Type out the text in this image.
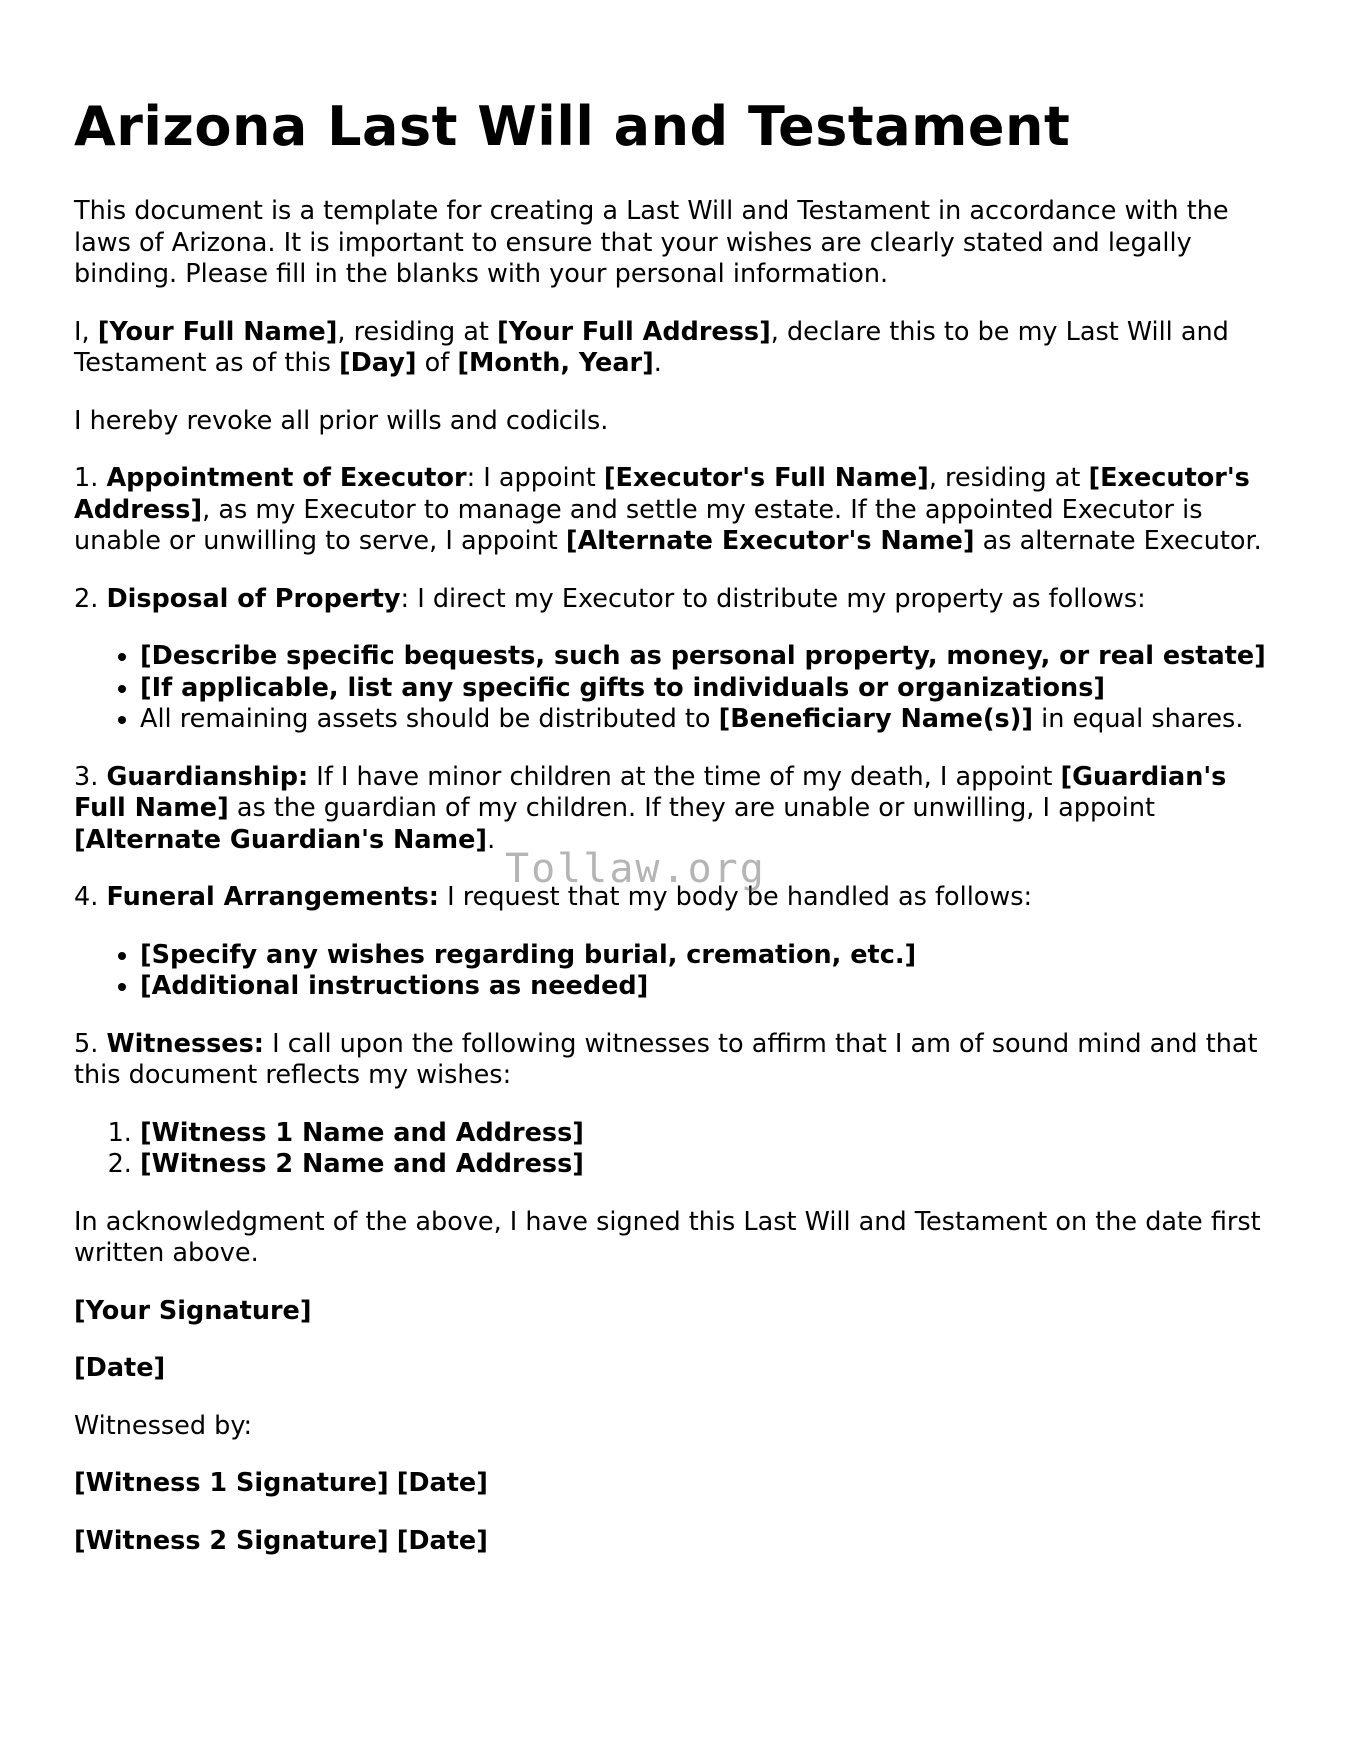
Arizona Last Will and Testament

This document is a template for creating a Last Will and Testament in accordance with the laws of Arizona. It is important to ensure that your wishes are clearly stated and legally binding. Please fill in the blanks with your personal information.

I, [Your Full Name], residing at [Your Full Address], declare this to be my Last Will and Testament as of this [Day] of [Month, Year].

I hereby revoke all prior wills and codicils.

1. Appointment of Executor: I appoint [Executor's Full Name], residing at [Executor's Address], as my Executor to manage and settle my estate. If the appointed Executor is unable or unwilling to serve, I appoint [Alternate Executor's Name] as alternate Executor.

2. Disposal of Property: I direct my Executor to distribute my property as follows:

• [Describe specific bequests, such as personal property, money, or real estate]
• [If applicable, list any specific gifts to individuals or organizations]
• All remaining assets should be distributed to [Beneficiary Name(s)] in equal shares.

3. Guardianship: If I have minor children at the time of my death, I appoint [Guardian's Full Name] as the guardian of my children. If they are unable or unwilling, I appoint [Alternate Guardian's Name].

4. Funeral Arrangements: I request that my body be handled as follows:

• [Specify any wishes regarding burial, cremation, etc.]
• [Additional instructions as needed]

5. Witnesses: I call upon the following witnesses to affirm that I am of sound mind and that this document reflects my wishes:

1. [Witness 1 Name and Address]
2. [Witness 2 Name and Address]

In acknowledgment of the above, I have signed this Last Will and Testament on the date first written above.

[Your Signature]

[Date]

Witnessed by:

[Witness 1 Signature] [Date]

[Witness 2 Signature] [Date]

Tollaw.org
